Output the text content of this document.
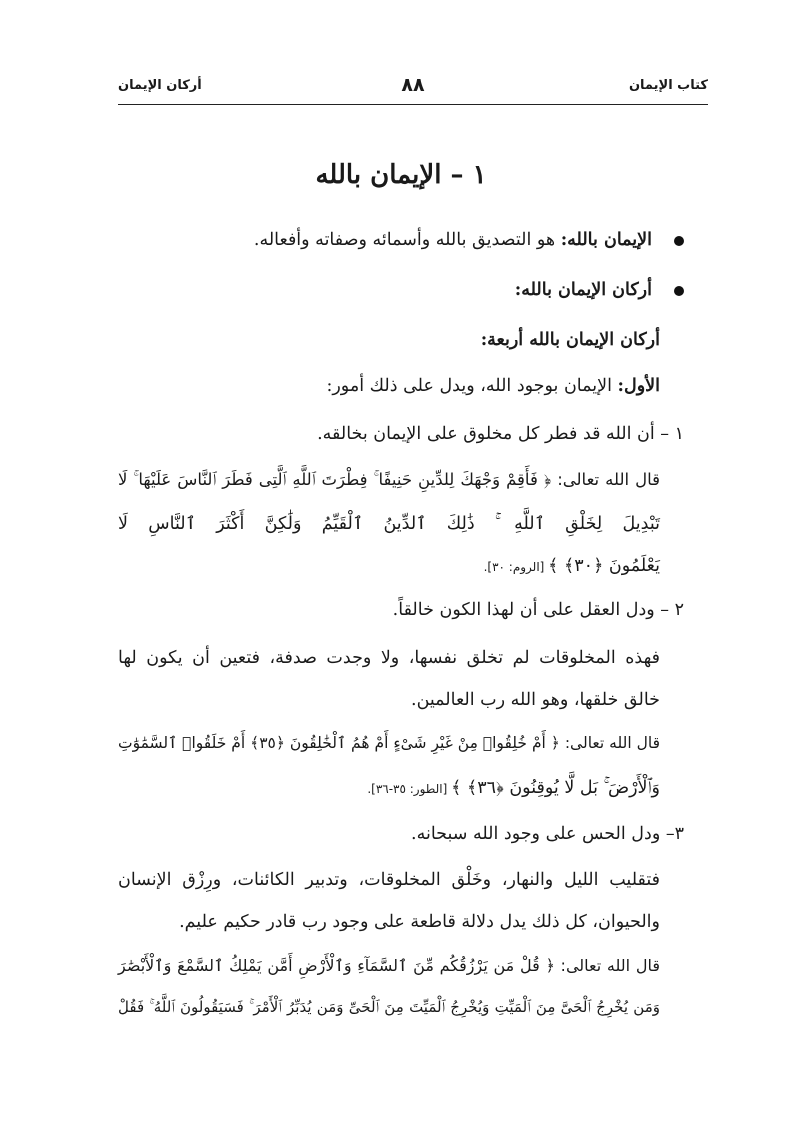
كتاب الإيمان
٨٨
أركان الإيمان
١ – الإيمان بالله
الإيمان بالله: هو التصديق بالله وأسمائه وصفاته وأفعاله.
أركان الإيمان بالله:
أركان الإيمان بالله أربعة:
الأول: الإيمان بوجود الله، ويدل على ذلك أمور:
١ – أن الله قد فطر كل مخلوق على الإيمان بخالقه.
قال الله تعالى: ﴿ فَأَقِمْ وَجْهَكَ لِلدِّينِ حَنِيفًا ۚ فِطْرَتَ ٱللَّهِ ٱلَّتِى فَطَرَ ٱلنَّاسَ عَلَيْهَا ۚ لَا
تَبْدِيلَ لِخَلْقِ ٱللَّهِ ۚ ذَٰلِكَ ٱلدِّينُ ٱلْقَيِّمُ وَلَٰكِنَّ أَكْثَرَ ٱلنَّاسِ لَا
يَعْلَمُونَ ﴿٣٠﴾ ﴾ [الروم: ٣٠].
٢ – ودل العقل على أن لهذا الكون خالقاً.
فهذه المخلوقات لم تخلق نفسها، ولا وجدت صدفة، فتعين أن يكون لها
خالق خلقها، وهو الله رب العالمين.
قال الله تعالى: ﴿ أَمْ خُلِقُوا۟ مِنْ غَيْرِ شَىْءٍ أَمْ هُمُ ٱلْخَٰلِقُونَ ﴿٣٥﴾ أَمْ خَلَقُوا۟ ٱلسَّمَٰوَٰتِ
وَٱلْأَرْضَ ۚ بَل لَّا يُوقِنُونَ ﴿٣٦﴾ ﴾ [الطور: ٣٥-٣٦].
٣– ودل الحس على وجود الله سبحانه.
فتقليب الليل والنهار، وخَلْق المخلوقات، وتدبير الكائنات، ورِزْق الإنسان
والحيوان، كل ذلك يدل دلالة قاطعة على وجود رب قادر حكيم عليم.
قال الله تعالى: ﴿ قُلْ مَن يَرْزُقُكُم مِّنَ ٱلسَّمَآءِ وَٱلْأَرْضِ أَمَّن يَمْلِكُ ٱلسَّمْعَ وَٱلْأَبْصَٰرَ
وَمَن يُخْرِجُ ٱلْحَىَّ مِنَ ٱلْمَيِّتِ وَيُخْرِجُ ٱلْمَيِّتَ مِنَ ٱلْحَىِّ وَمَن يُدَبِّرُ ٱلْأَمْرَ ۚ فَسَيَقُولُونَ ٱللَّهُ ۚ فَقُلْ
